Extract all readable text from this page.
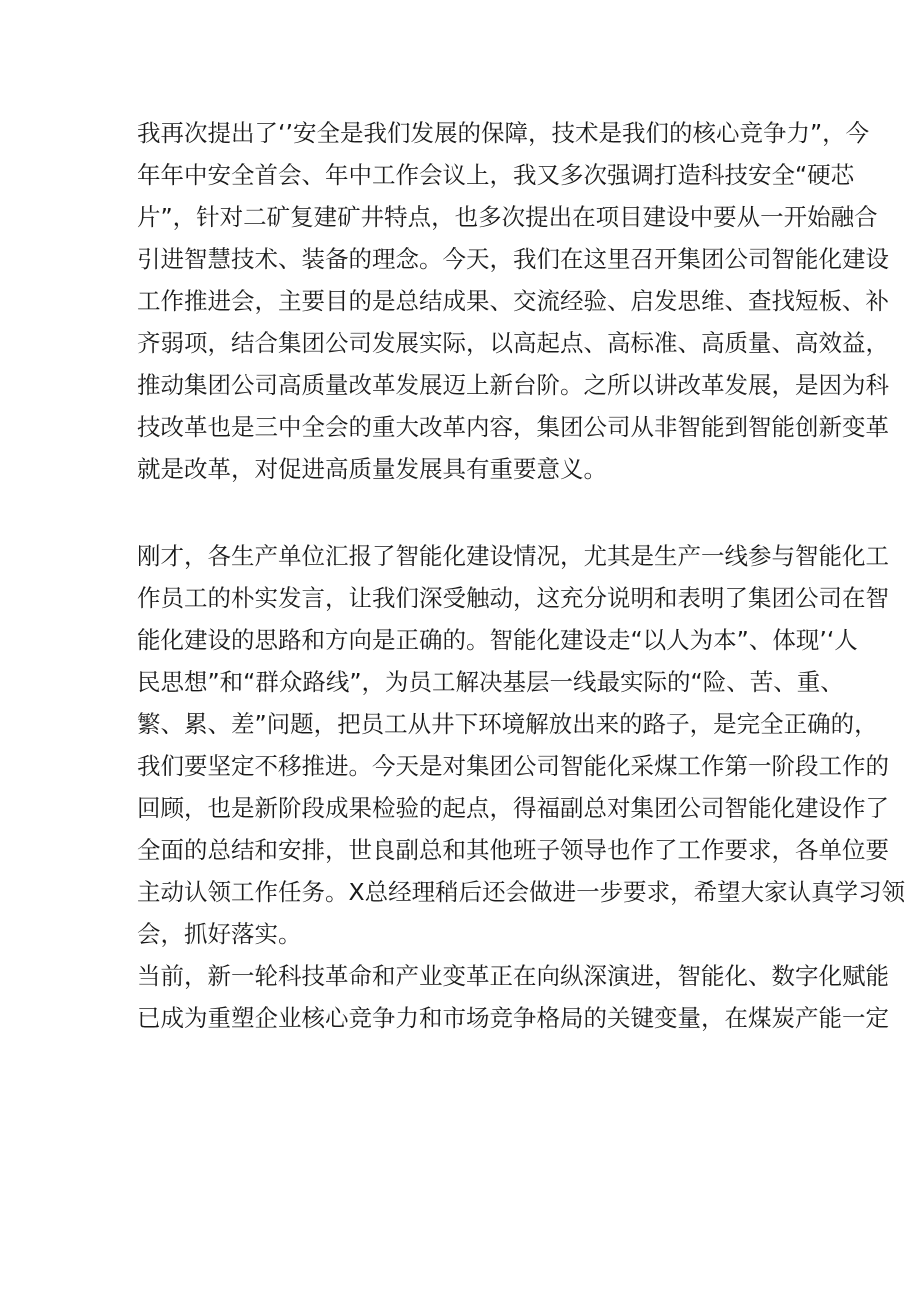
我再次提出了‘’安全是我们发展的保障，技术是我们的核心竞争力”，今

年年中安全首会、年中工作会议上，我又多次强调打造科技安全“硬芯

片”，针对二矿复建矿井特点，也多次提出在项目建设中要从一开始融合

引进智慧技术、装备的理念。今天，我们在这里召开集团公司智能化建设

工作推进会，主要目的是总结成果、交流经验、启发思维、查找短板、补

齐弱项，结合集团公司发展实际，以高起点、高标准、高质量、高效益，

推动集团公司高质量改革发展迈上新台阶。之所以讲改革发展，是因为科

技改革也是三中全会的重大改革内容，集团公司从非智能到智能创新变革

就是改革，对促进高质量发展具有重要意义。

刚才，各生产单位汇报了智能化建设情况，尤其是生产一线参与智能化工

作员工的朴实发言，让我们深受触动，这充分说明和表明了集团公司在智

能化建设的思路和方向是正确的。智能化建设走“以人为本”、体现’‘人

民思想”和“群众路线”，为员工解决基层一线最实际的“险、苦、重、

繁、累、差”问题，把员工从井下环境解放出来的路子，是完全正确的，

我们要坚定不移推进。今天是对集团公司智能化采煤工作第一阶段工作的

回顾，也是新阶段成果检验的起点，得福副总对集团公司智能化建设作了

全面的总结和安排，世良副总和其他班子领导也作了工作要求，各单位要

主动认领工作任务。X总经理稍后还会做进一步要求，希望大家认真学习领

会，抓好落实。

当前，新一轮科技革命和产业变革正在向纵深演进，智能化、数字化赋能

已成为重塑企业核心竞争力和市场竞争格局的关键变量，在煤炭产能一定
